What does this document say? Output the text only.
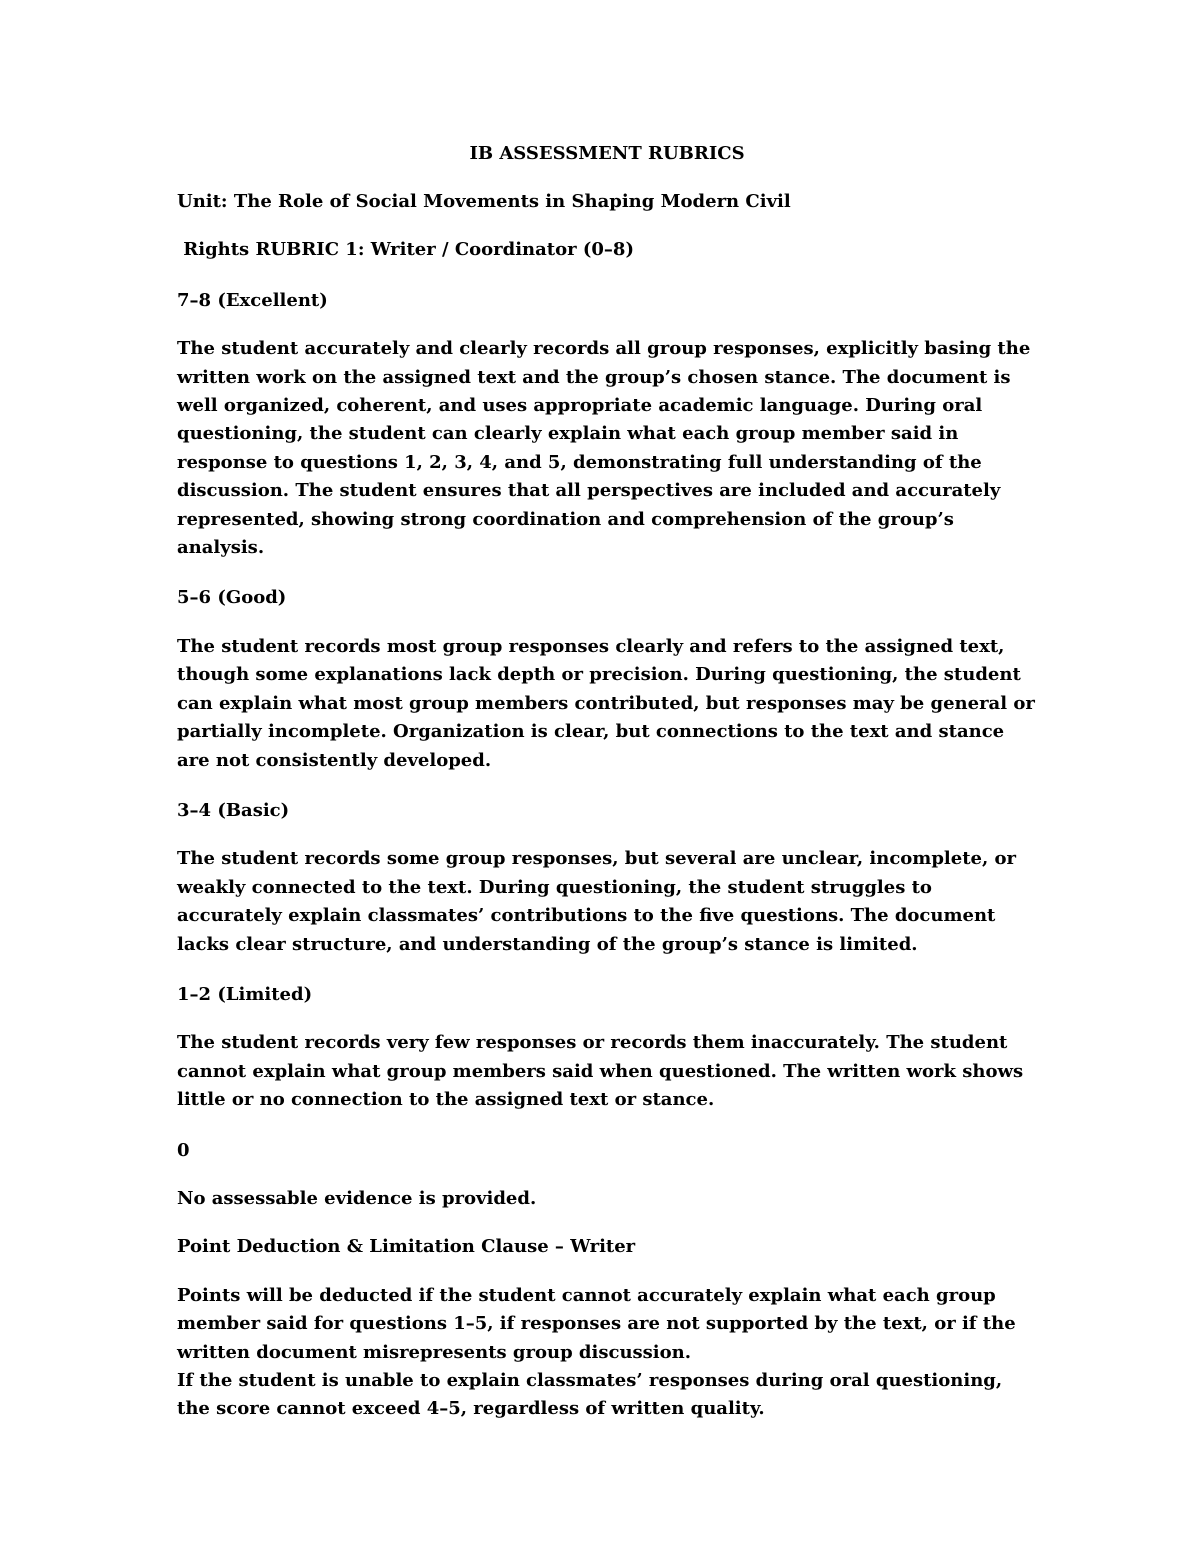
IB ASSESSMENT RUBRICS

Unit: The Role of Social Movements in Shaping Modern Civil

Rights RUBRIC 1: Writer / Coordinator (0–8)

7–8 (Excellent)

The student accurately and clearly records all group responses, explicitly basing the written work on the assigned text and the group’s chosen stance. The document is well organized, coherent, and uses appropriate academic language. During oral questioning, the student can clearly explain what each group member said in response to questions 1, 2, 3, 4, and 5, demonstrating full understanding of the discussion. The student ensures that all perspectives are included and accurately represented, showing strong coordination and comprehension of the group’s analysis.

5–6 (Good)

The student records most group responses clearly and refers to the assigned text, though some explanations lack depth or precision. During questioning, the student can explain what most group members contributed, but responses may be general or partially incomplete. Organization is clear, but connections to the text and stance are not consistently developed.

3–4 (Basic)

The student records some group responses, but several are unclear, incomplete, or weakly connected to the text. During questioning, the student struggles to accurately explain classmates’ contributions to the five questions. The document lacks clear structure, and understanding of the group’s stance is limited.

1–2 (Limited)

The student records very few responses or records them inaccurately. The student cannot explain what group members said when questioned. The written work shows little or no connection to the assigned text or stance.

0

No assessable evidence is provided.

Point Deduction & Limitation Clause – Writer

Points will be deducted if the student cannot accurately explain what each group member said for questions 1–5, if responses are not supported by the text, or if the written document misrepresents group discussion.

If the student is unable to explain classmates’ responses during oral questioning, the score cannot exceed 4–5, regardless of written quality.
